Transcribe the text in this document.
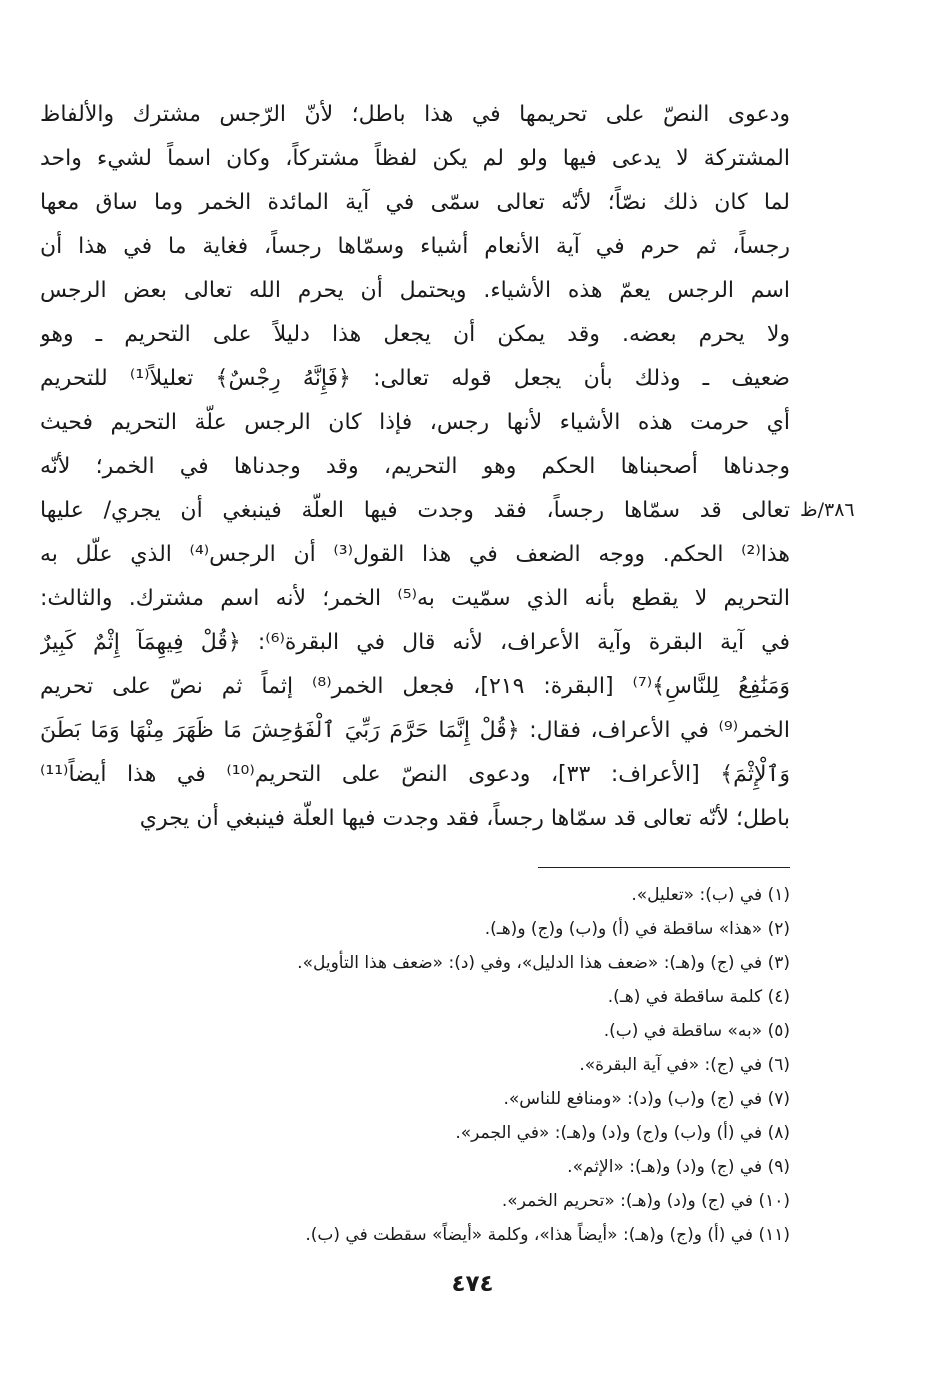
ودعوى النصّ على تحريمها في هذا باطل؛ لأنّ الرّجس مشترك والألفاظ
المشتركة لا يدعى فيها ولو لم يكن لفظاً مشتركاً، وكان اسماً لشيء واحد
لما كان ذلك نصّاً؛ لأنّه تعالى سمّى في آية المائدة الخمر وما ساق معها
رجساً، ثم حرم في آية الأنعام أشياء وسمّاها رجساً، فغاية ما في هذا أن
اسم الرجس يعمّ هذه الأشياء. ويحتمل أن يحرم الله تعالى بعض الرجس
ولا يحرم بعضه. وقد يمكن أن يجعل هذا دليلاً على التحريم ـ وهو
ضعيف ـ وذلك بأن يجعل قوله تعالى: ﴿فَإِنَّهُ رِجْسٌ﴾ تعليلاً⁽¹⁾ للتحريم
أي حرمت هذه الأشياء لأنها رجس، فإذا كان الرجس علّة التحريم فحيث
وجدناها أصحبناها الحكم وهو التحريم، وقد وجدناها في الخمر؛ لأنّه
تعالى قد سمّاها رجساً، فقد وجدت فيها العلّة فينبغي أن يجري/ عليها
هذا⁽²⁾ الحكم. ووجه الضعف في هذا القول⁽³⁾ أن الرجس⁽⁴⁾ الذي علّل به
التحريم لا يقطع بأنه الذي سمّيت به⁽⁵⁾ الخمر؛ لأنه اسم مشترك. والثالث:
في آية البقرة وآية الأعراف، لأنه قال في البقرة⁽⁶⁾: ﴿قُلْ فِيهِمَآ إِثْمٌ كَبِيرٌ
وَمَنَٰفِعُ لِلنَّاسِ﴾⁽⁷⁾ [البقرة: ٢١٩]، فجعل الخمر⁽⁸⁾ إثماً ثم نصّ على تحريم
الخمر⁽⁹⁾ في الأعراف، فقال: ﴿قُلْ إِنَّمَا حَرَّمَ رَبِّيَ ٱلْفَوَٰحِشَ مَا ظَهَرَ مِنْهَا وَمَا بَطَنَ
وَٱلْإِثْمَ﴾ [الأعراف: ٣٣]، ودعوى النصّ على التحريم⁽¹⁰⁾ في هذا أيضاً⁽¹¹⁾
باطل؛ لأنّه تعالى قد سمّاها رجساً، فقد وجدت فيها العلّة فينبغي أن يجري
٣٨٦/ظ
(١) في (ب): «تعليل».
(٢) «هذا» ساقطة في (أ) و(ب) و(ج) و(هـ).
(٣) في (ج) و(هـ): «ضعف هذا الدليل»، وفي (د): «ضعف هذا التأويل».
(٤) كلمة ساقطة في (هـ).
(٥) «به» ساقطة في (ب).
(٦) في (ج): «في آية البقرة».
(٧) في (ج) و(ب) و(د): «ومنافع للناس».
(٨) في (أ) و(ب) و(ج) و(د) و(هـ): «في الجمر».
(٩) في (ج) و(د) و(هـ): «الإثم».
(١٠) في (ج) و(د) و(هـ): «تحريم الخمر».
(١١) في (أ) و(ج) و(هـ): «أيضاً هذا»، وكلمة «أيضاً» سقطت في (ب).
٤٧٤
